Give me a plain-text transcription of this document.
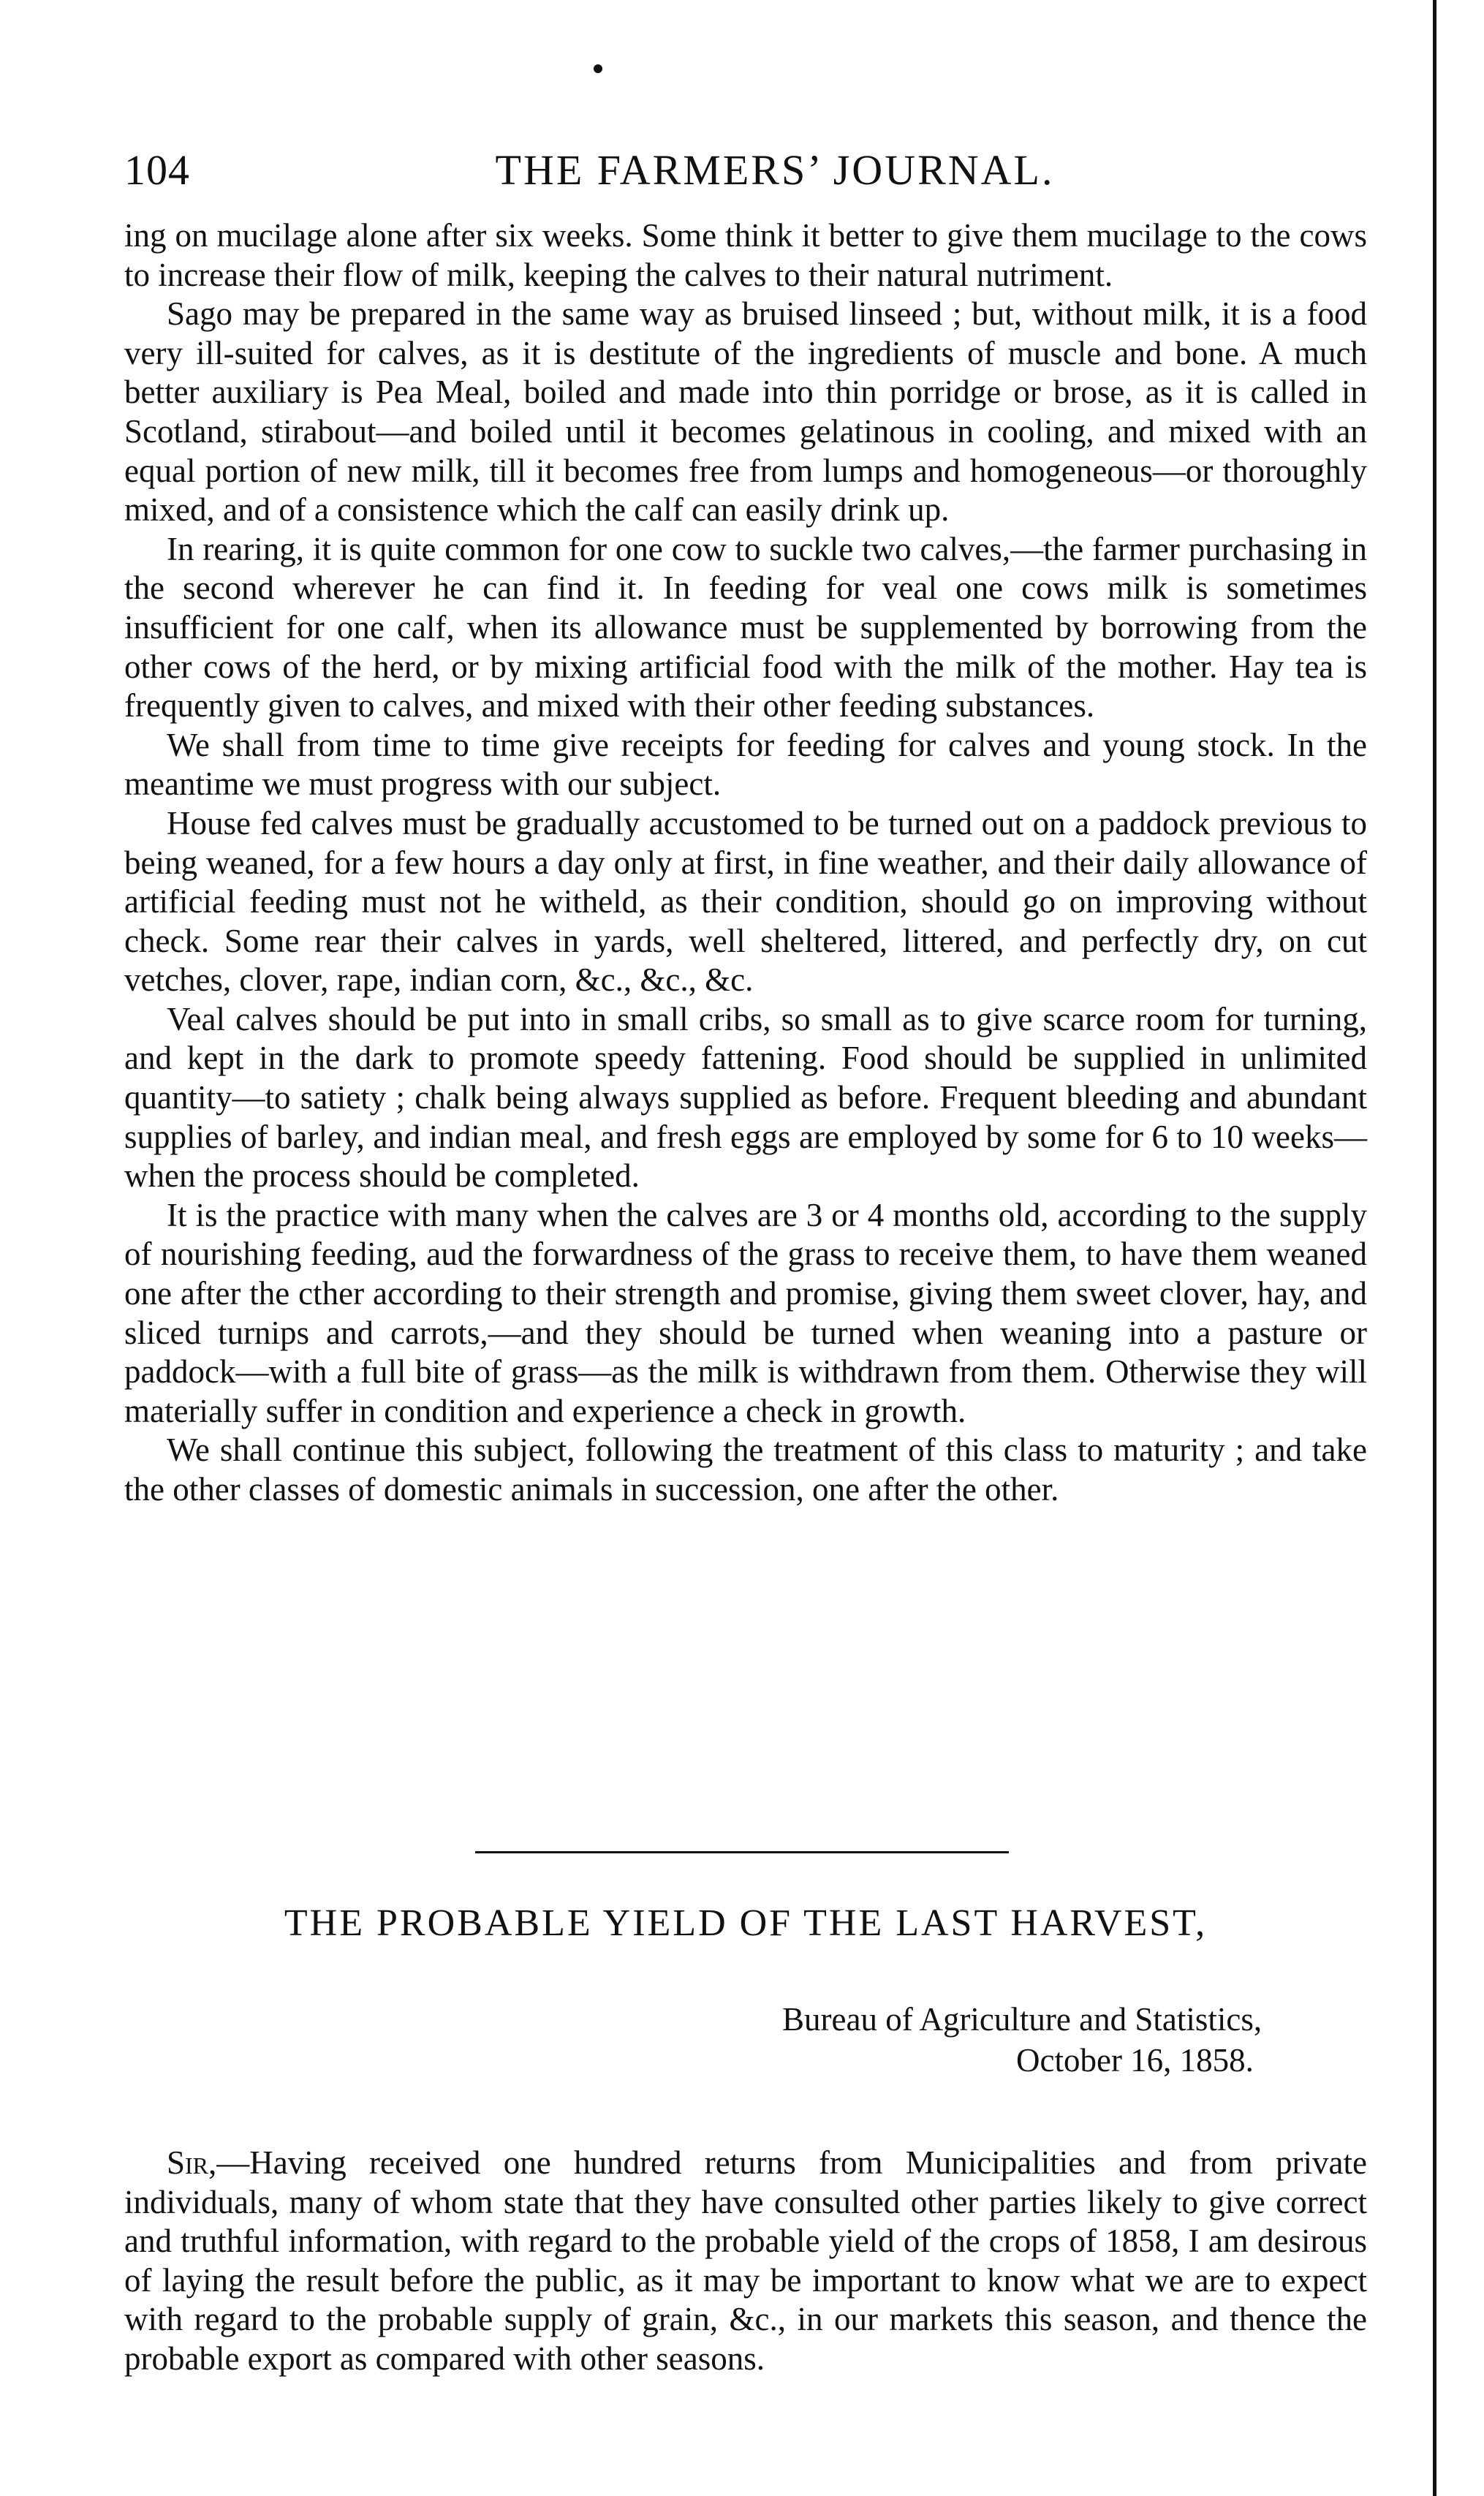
104	THE FARMERS’ JOURNAL.

ing on mucilage alone after six weeks. Some think it better to give them mucilage to the cows to increase their flow of milk, keeping the calves to their natural nutriment.

Sago may be prepared in the same way as bruised linseed ; but, without milk, it is a food very ill-suited for calves, as it is destitute of the ingredients of muscle and bone. A much better auxiliary is Pea Meal, boiled and made into thin porridge or brose, as it is called in Scotland, stirabout—and boiled until it becomes gelatinous in cooling, and mixed with an equal portion of new milk, till it becomes free from lumps and homogeneous—or thoroughly mixed, and of a consistence which the calf can easily drink up.

In rearing, it is quite common for one cow to suckle two calves,—the farmer purchasing in the second wherever he can find it. In feeding for veal one cows milk is sometimes insufficient for one calf, when its allowance must be supplemented by borrowing from the other cows of the herd, or by mixing artificial food with the milk of the mother. Hay tea is frequently given to calves, and mixed with their other feeding substances.

We shall from time to time give receipts for feeding for calves and young stock. In the meantime we must progress with our subject.

House fed calves must be gradually accustomed to be turned out on a paddock previous to being weaned, for a few hours a day only at first, in fine weather, and their daily allowance of artificial feeding must not he witheld, as their condition, should go on improving without check. Some rear their calves in yards, well sheltered, littered, and perfectly dry, on cut vetches, clover, rape, indian corn, &c., &c., &c.

Veal calves should be put into in small cribs, so small as to give scarce room for turning, and kept in the dark to promote speedy fattening. Food should be supplied in unlimited quantity—to satiety ; chalk being always supplied as before. Frequent bleeding and abundant supplies of barley, and indian meal, and fresh eggs are employed by some for 6 to 10 weeks—when the process should be completed.

It is the practice with many when the calves are 3 or 4 months old, according to the supply of nourishing feeding, aud the forwardness of the grass to receive them, to have them weaned one after the cther according to their strength and promise, giving them sweet clover, hay, and sliced turnips and carrots,—and they should be turned when weaning into a pasture or paddock—with a full bite of grass—as the milk is withdrawn from them. Otherwise they will materially suffer in condition and experience a check in growth.

We shall continue this subject, following the treatment of this class to maturity ; and take the other classes of domestic animals in succession, one after the other.

THE PROBABLE YIELD OF THE LAST HARVEST,
Bureau of Agriculture and Statistics,
October 16, 1858.

Sir,—Having received one hundred returns from Municipalities and from private individuals, many of whom state that they have consulted other parties likely to give correct and truthful information, with regard to the probable yield of the crops of 1858, I am desirous of laying the result before the public, as it may be important to know what we are to expect with regard to the probable supply of grain, &c., in our markets this season, and thence the probable export as compared with other seasons.
